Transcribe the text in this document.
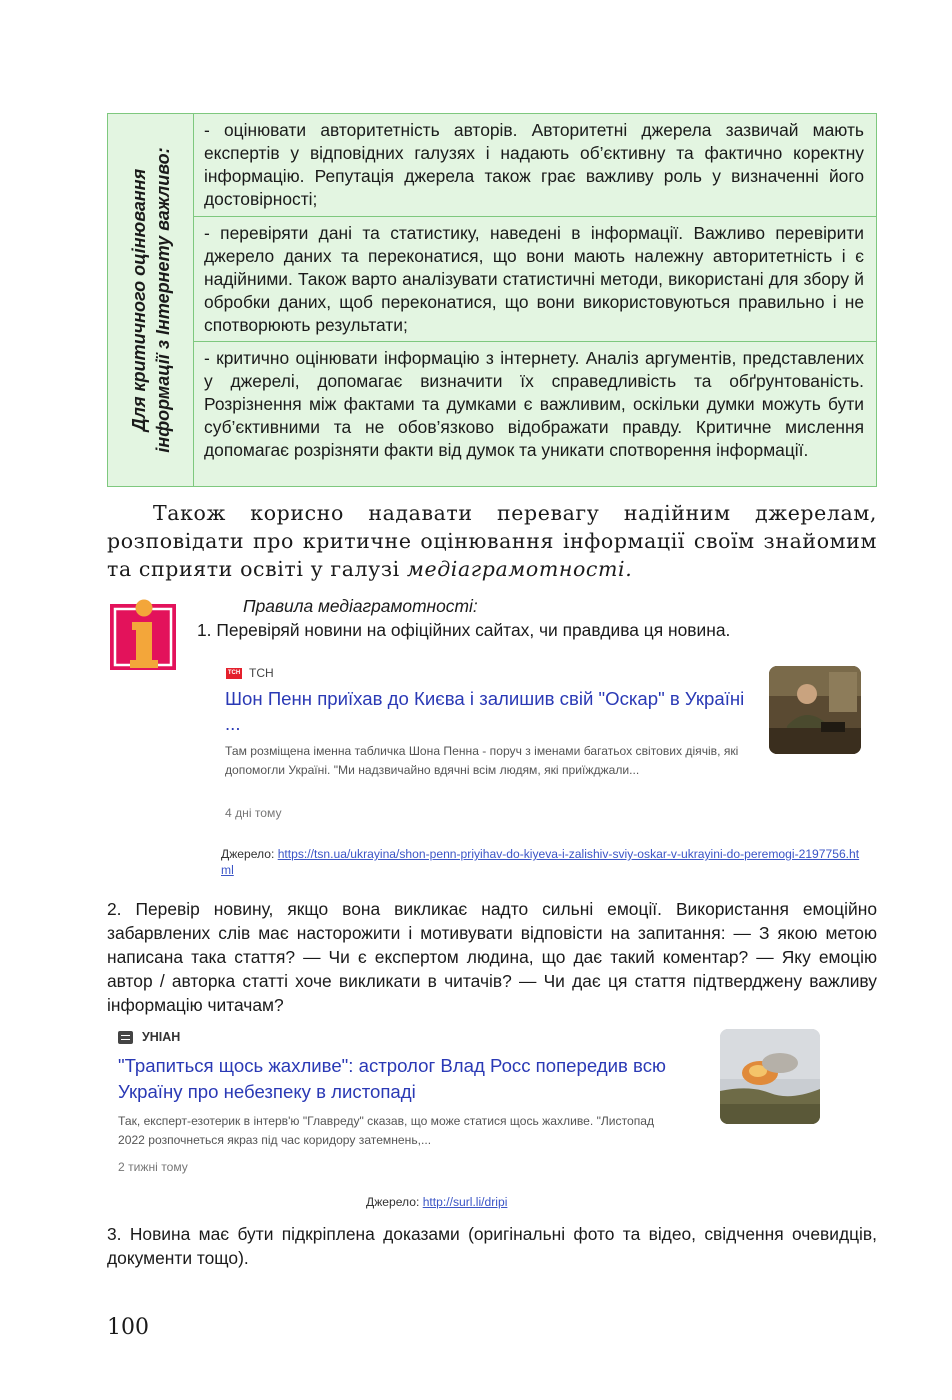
Для критичного оцінювання інформації з Інтернету важливо:
- оцінювати авторитетність авторів. Авторитетні джерела зазвичай мають експертів у відповідних галузях і надають об’єктивну та фактично коректну інформацію. Репутація джерела також грає важливу роль у визначенні його достовірності;
- перевіряти дані та статистику, наведені в інформації. Важливо перевірити джерело даних та переконатися, що вони мають належну авторитетність і є надійними. Також варто аналізувати статистичні методи, використані для збору й обробки даних, щоб переконатися, що вони використовуються правильно і не спотворюють результати;
- критично оцінювати інформацію з інтернету. Аналіз аргументів, представлених у джерелі, допомагає визначити їх справедливість та обґрунтованість. Розрізнення між фактами та думками є важливим, оскільки думки можуть бути суб’єктивними та не обов’язково відображати правду. Критичне мислення допомагає розрізняти факти від думок та уникати спотворення інформації.

Також корисно надавати перевагу надійним джерелам, розповідати про критичне оцінювання інформації своїм знайомим та сприяти освіті у галузі медіаграмотності.

Правила медіаграмотності:
1. Перевіряй новини на офіційних сайтах, чи правдива ця новина.
ТСН ТСН
Шон Пенн приїхав до Києва і залишив свій "Оскар" в Україні ...
Там розміщена іменна табличка Шона Пенна - поруч з іменами багатьох світових діячів, які допомогли Україні. "Ми надзвичайно вдячні всім людям, які приїжджали...
4 дні тому
Джерело: https://tsn.ua/ukrayina/shon-penn-priyihav-do-kiyeva-i-zalishiv-sviy-oskar-v-ukrayini-do-peremogi-2197756.html

2. Перевір новину, якщо вона викликає надто сильні емоції. Використання емоційно забарвлених слів має насторожити і мотивувати відповісти на запитання: — З якою метою написана така стаття? — Чи є експертом людина, що дає такий коментар? — Яку емоцію автор / авторка статті хоче викликати в читачів? — Чи дає ця стаття підтверджену важливу інформацію читачам?

УНІАН
"Трапиться щось жахливе": астролог Влад Росс попередив всю Україну про небезпеку в листопаді
Так, експерт-езотерик в інтерв'ю "Главреду" сказав, що може статися щось жахливе. "Листопад 2022 розпочнеться якраз під час коридору затемнень,...
2 тижні тому
Джерело: http://surl.li/dripi

3. Новина має бути підкріплена доказами (оригінальні фото та відео, свідчення очевидців, документи тощо).

100
